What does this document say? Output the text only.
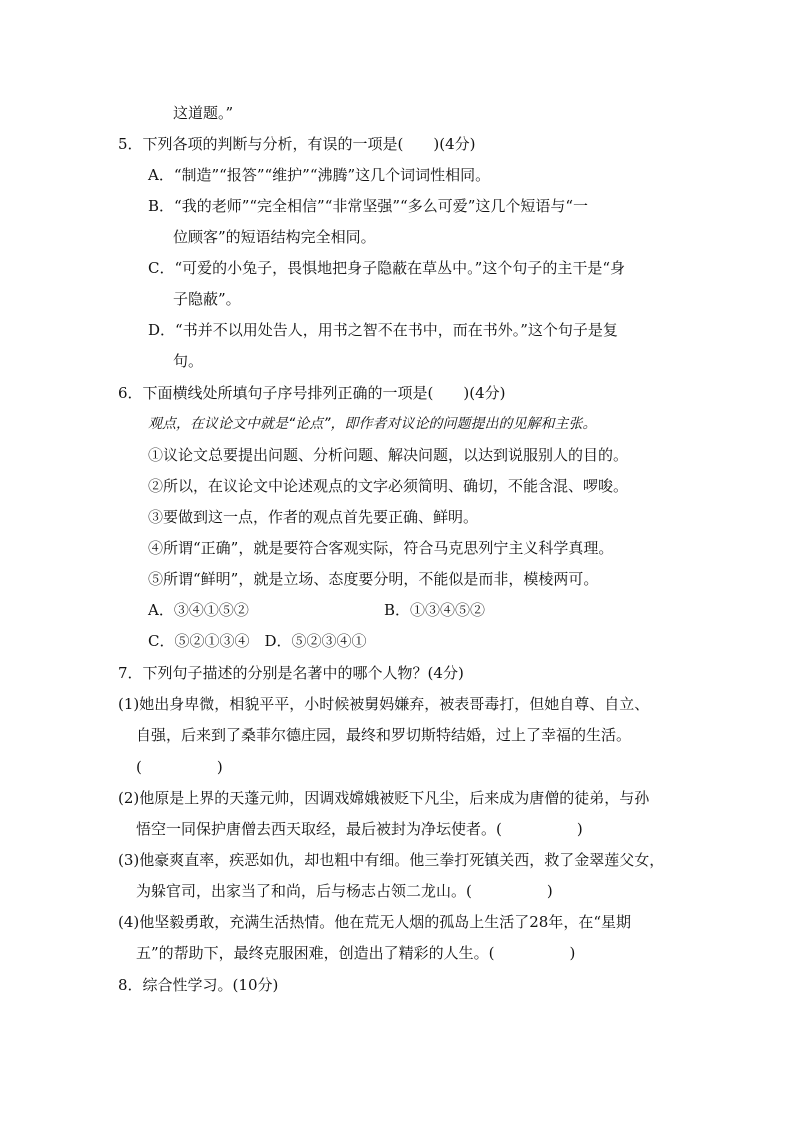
这道题。”
5．下列各项的判断与分析，有误的一项是(　　)(4分)
A．“制造”“报答”“维护”“沸腾”这几个词词性相同。
B．“我的老师”“完全相信”“非常坚强”“多么可爱”这几个短语与“一
位顾客”的短语结构完全相同。
C．“可爱的小兔子，畏惧地把身子隐蔽在草丛中。”这个句子的主干是“身
子隐蔽”。
D．“书并不以用处告人，用书之智不在书中，而在书外。”这个句子是复
句。
6．下面横线处所填句子序号排列正确的一项是(　　)(4分)
观点，在议论文中就是“论点”，即作者对议论的问题提出的见解和主张。
①议论文总要提出问题、分析问题、解决问题，以达到说服别人的目的。
②所以，在议论文中论述观点的文字必须简明、确切，不能含混、啰唆。
③要做到这一点，作者的观点首先要正确、鲜明。
④所谓“正确”，就是要符合客观实际，符合马克思列宁主义科学真理。
⑤所谓“鲜明”，就是立场、态度要分明，不能似是而非，模棱两可。
A．③④①⑤②	B．①③④⑤②
C．⑤②①③④　D．⑤②③④①
7．下列句子描述的分别是名著中的哪个人物？(4分)
(1)她出身卑微，相貌平平，小时候被舅妈嫌弃，被表哥毒打，但她自尊、自立、
自强，后来到了桑菲尔德庄园，最终和罗切斯特结婚，过上了幸福的生活。
(　　　　　)
(2)他原是上界的天蓬元帅，因调戏嫦娥被贬下凡尘，后来成为唐僧的徒弟，与孙
悟空一同保护唐僧去西天取经，最后被封为净坛使者。(　　　　　)
(3)他豪爽直率，疾恶如仇，却也粗中有细。他三拳打死镇关西，救了金翠莲父女，
为躲官司，出家当了和尚，后与杨志占领二龙山。(　　　　　)
(4)他坚毅勇敢，充满生活热情。他在荒无人烟的孤岛上生活了28年，在“星期
五”的帮助下，最终克服困难，创造出了精彩的人生。(　　　　　)
8．综合性学习。(10分)
